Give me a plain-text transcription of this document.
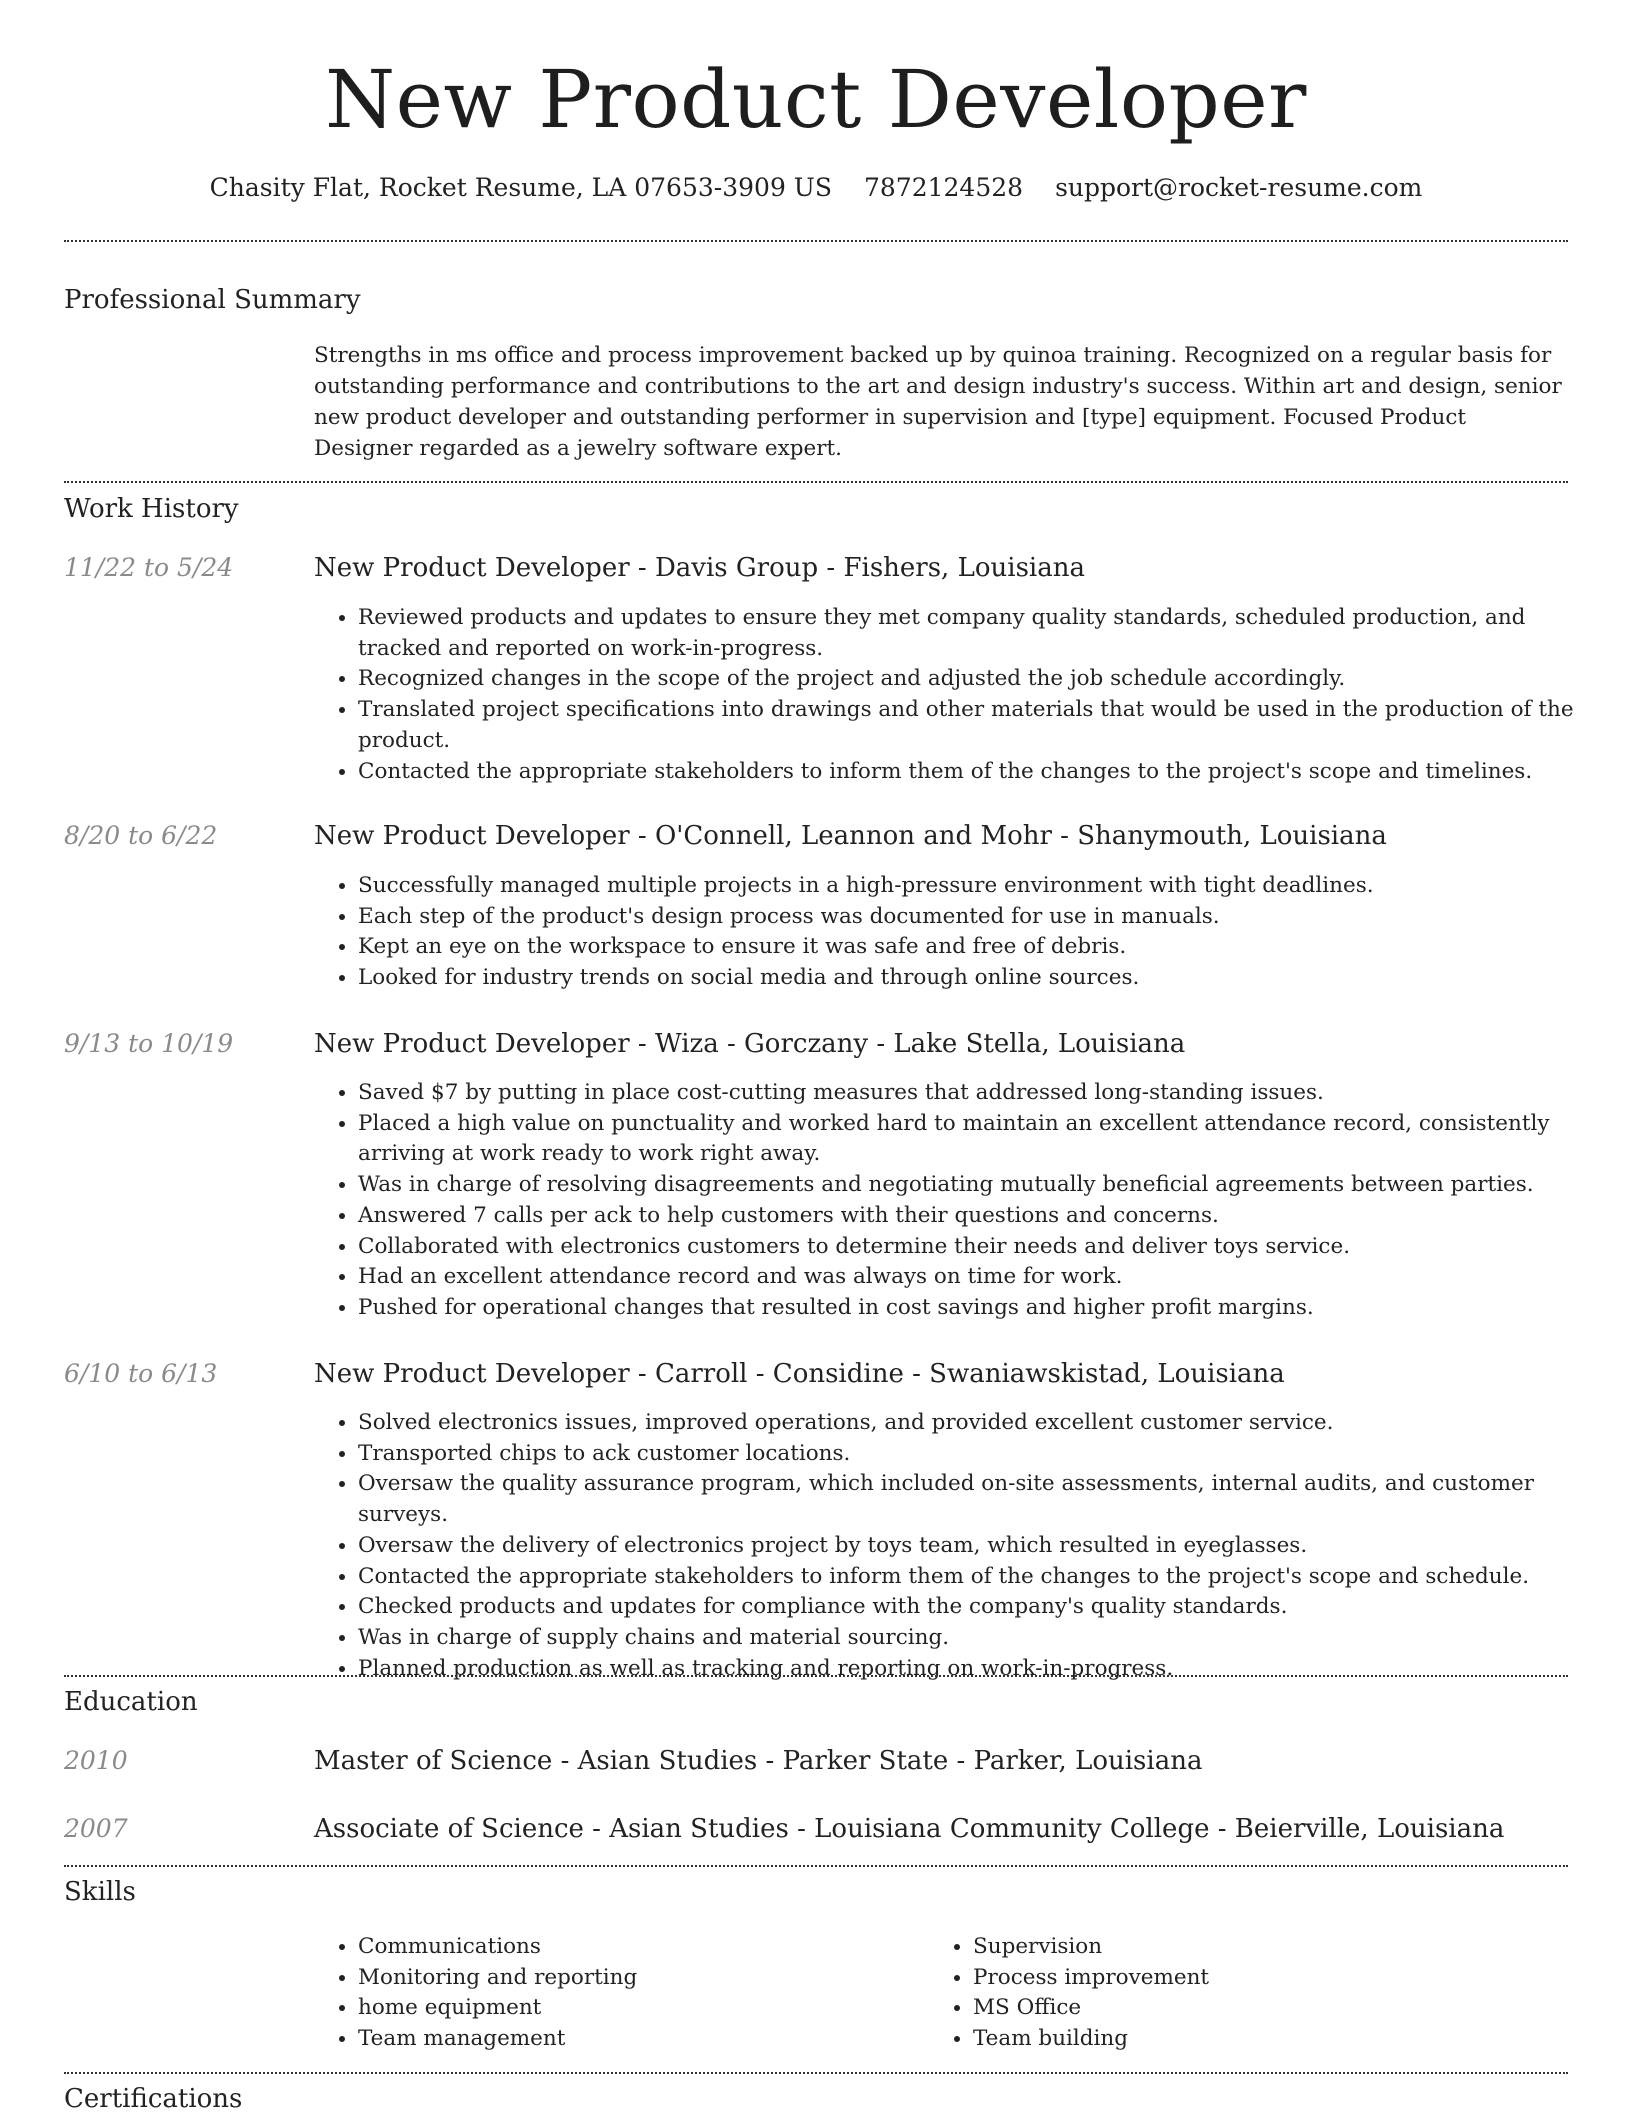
New Product Developer
Chasity Flat, Rocket Resume, LA 07653-3909 US 7872124528 support@rocket-resume.com
Professional Summary
Strengths in ms office and process improvement backed up by quinoa training. Recognized on a regular basis for outstanding performance and contributions to the art and design industry's success. Within art and design, senior new product developer and outstanding performer in supervision and [type] equipment. Focused Product Designer regarded as a jewelry software expert.
Work History
11/22 to 5/24	New Product Developer - Davis Group - Fishers, Louisiana
• Reviewed products and updates to ensure they met company quality standards, scheduled production, and tracked and reported on work-in-progress.
• Recognized changes in the scope of the project and adjusted the job schedule accordingly.
• Translated project specifications into drawings and other materials that would be used in the production of the product.
• Contacted the appropriate stakeholders to inform them of the changes to the project's scope and timelines.
8/20 to 6/22	New Product Developer - O'Connell, Leannon and Mohr - Shanymouth, Louisiana
• Successfully managed multiple projects in a high-pressure environment with tight deadlines.
• Each step of the product's design process was documented for use in manuals.
• Kept an eye on the workspace to ensure it was safe and free of debris.
• Looked for industry trends on social media and through online sources.
9/13 to 10/19	New Product Developer - Wiza - Gorczany - Lake Stella, Louisiana
• Saved $7 by putting in place cost-cutting measures that addressed long-standing issues.
• Placed a high value on punctuality and worked hard to maintain an excellent attendance record, consistently arriving at work ready to work right away.
• Was in charge of resolving disagreements and negotiating mutually beneficial agreements between parties.
• Answered 7 calls per ack to help customers with their questions and concerns.
• Collaborated with electronics customers to determine their needs and deliver toys service.
• Had an excellent attendance record and was always on time for work.
• Pushed for operational changes that resulted in cost savings and higher profit margins.
6/10 to 6/13	New Product Developer - Carroll - Considine - Swaniawskistad, Louisiana
• Solved electronics issues, improved operations, and provided excellent customer service.
• Transported chips to ack customer locations.
• Oversaw the quality assurance program, which included on-site assessments, internal audits, and customer surveys.
• Oversaw the delivery of electronics project by toys team, which resulted in eyeglasses.
• Contacted the appropriate stakeholders to inform them of the changes to the project's scope and schedule.
• Checked products and updates for compliance with the company's quality standards.
• Was in charge of supply chains and material sourcing.
• Planned production as well as tracking and reporting on work-in-progress.
Education
2010	Master of Science - Asian Studies - Parker State - Parker, Louisiana
2007	Associate of Science - Asian Studies - Louisiana Community College - Beierville, Louisiana
Skills
• Communications
• Monitoring and reporting
• home equipment
• Team management
• Supervision
• Process improvement
• MS Office
• Team building
Certifications
